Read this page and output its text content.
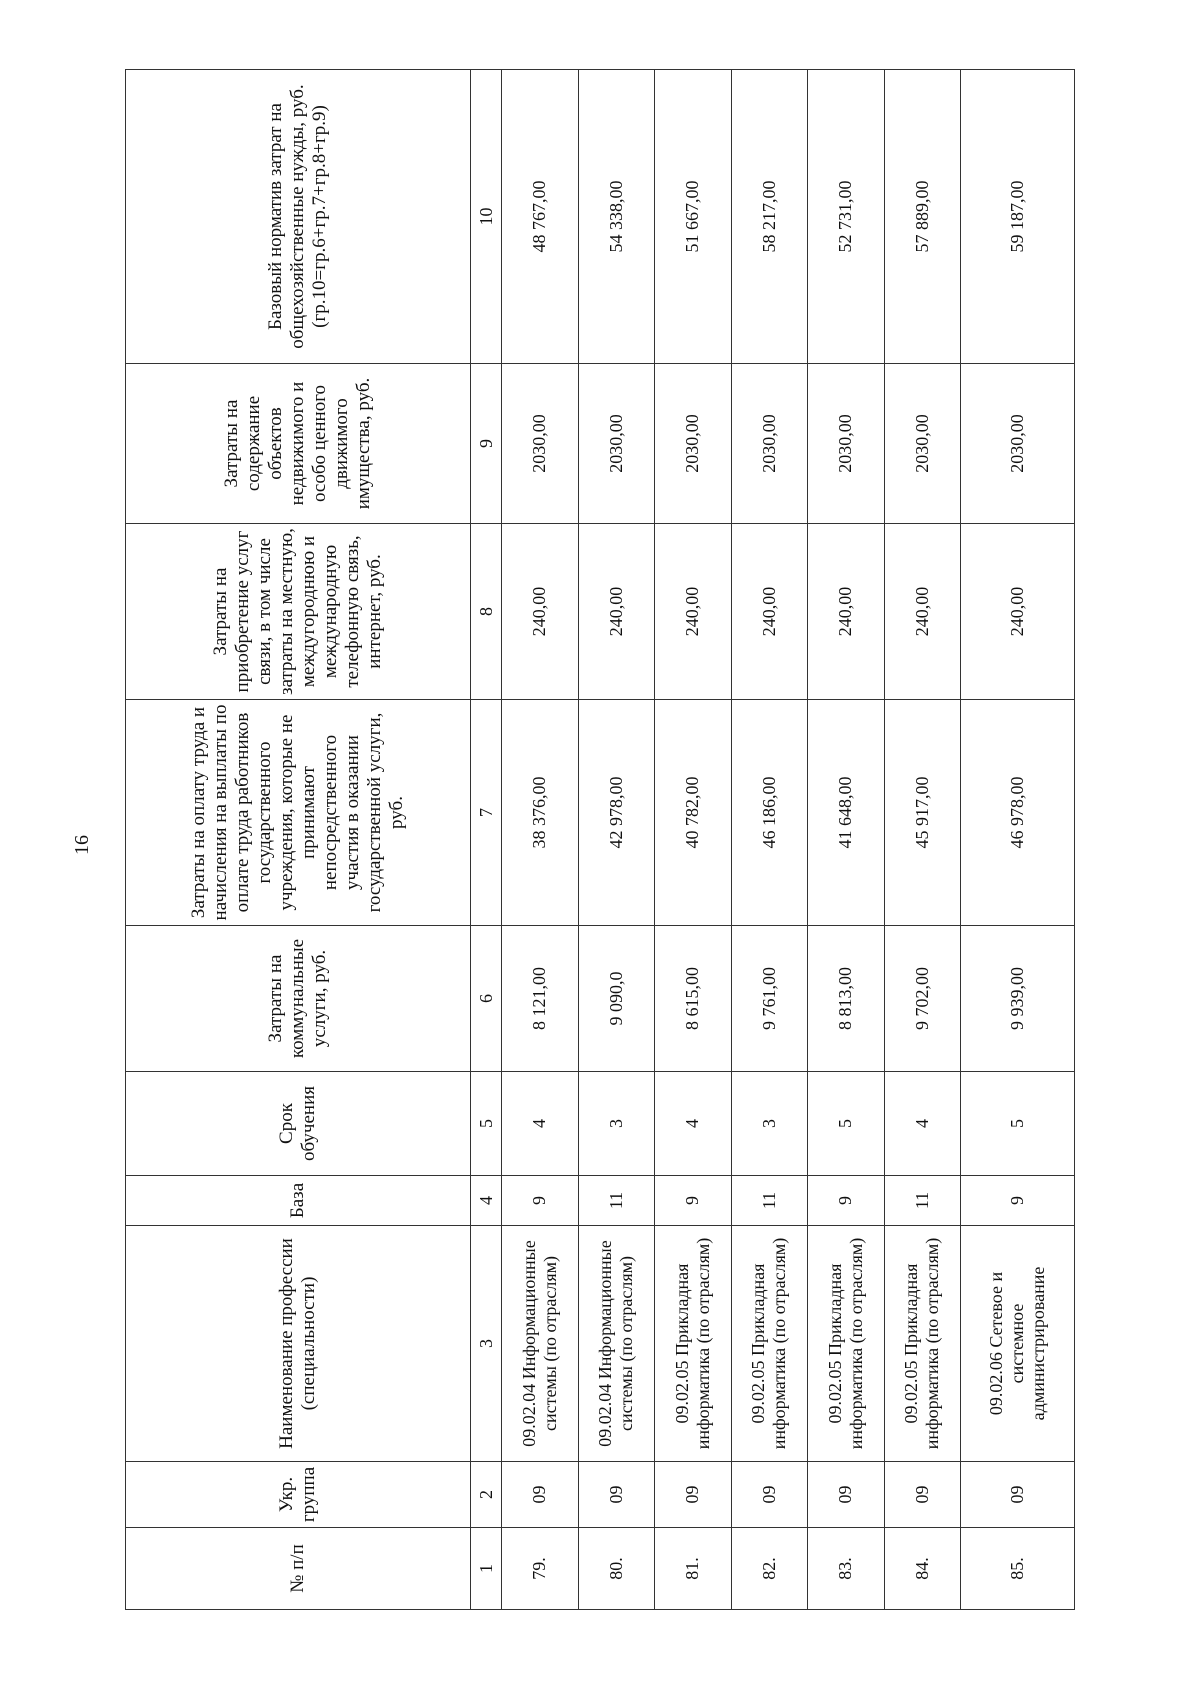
16
№ п/п	Укр. группа	Наименование профессии (специальности)	База	Срок обучения	Затраты на коммунальные услуги, руб.	Затраты на оплату труда и начисления на выплаты по оплате труда работников государственного учреждения, которые не принимают непосредственного участия в оказании государственной услуги, руб.	Затраты на приобретение услуг связи, в том числе затраты на местную, междугороднюю и международную телефонную связь, интернет, руб.	Затраты на содержание объектов недвижимого и особо ценного движимого имущества, руб.	Базовый норматив затрат на общехозяйственные нужды, руб. (гр.10=гр.6+гр.7+гр.8+гр.9)
1	2	3	4	5	6	7	8	9	10
79.	09	09.02.04 Информационные системы (по отраслям)	9	4	8 121,00	38 376,00	240,00	2030,00	48 767,00
80.	09	09.02.04 Информационные системы (по отраслям)	11	3	9 090,0	42 978,00	240,00	2030,00	54 338,00
81.	09	09.02.05 Прикладная информатика (по отраслям)	9	4	8 615,00	40 782,00	240,00	2030,00	51 667,00
82.	09	09.02.05 Прикладная информатика (по отраслям)	11	3	9 761,00	46 186,00	240,00	2030,00	58 217,00
83.	09	09.02.05 Прикладная информатика (по отраслям)	9	5	8 813,00	41 648,00	240,00	2030,00	52 731,00
84.	09	09.02.05 Прикладная информатика (по отраслям)	11	4	9 702,00	45 917,00	240,00	2030,00	57 889,00
85.	09	09.02.06 Сетевое и системное администрирование	9	5	9 939,00	46 978,00	240,00	2030,00	59 187,00
